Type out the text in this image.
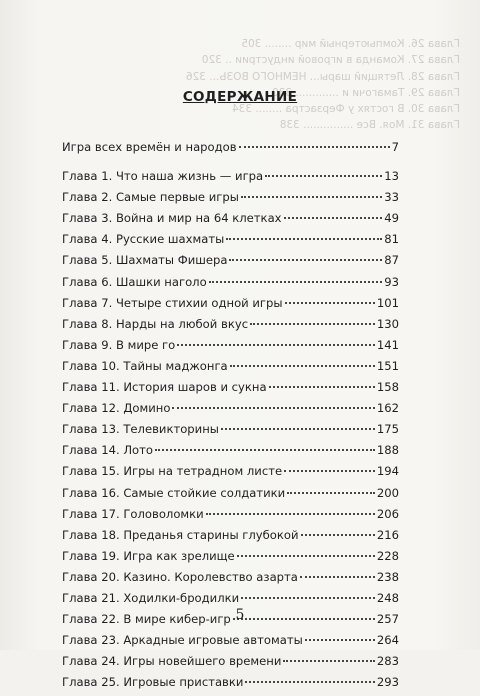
Глава 26. Компьютерный мир ........ 305
Глава 27. Команда в игровой индустрии .. 320
Глава 28. Летящий шары... НЕМНОГО ВОЗЬ... 326
Глава 29. Тамагочи и ............. 330
Глава 30. В гостях у Ферзастра ........ 334
Глава 31. Моя. Все ............... 338
СОДЕРЖАНИЕ
Игра всех времён и народов	7
Глава 1. Что наша жизнь — игра	13
Глава 2. Самые первые игры	33
Глава 3. Война и мир на 64 клетках	49
Глава 4. Русские шахматы	81
Глава 5. Шахматы Фишера	87
Глава 6. Шашки наголо	93
Глава 7. Четыре стихии одной игры	101
Глава 8. Нарды на любой вкус	130
Глава 9. В мире го	141
Глава 10. Тайны маджонга	151
Глава 11. История шаров и сукна	158
Глава 12. Домино	162
Глава 13. Телевикторины	175
Глава 14. Лото	188
Глава 15. Игры на тетрадном листе	194
Глава 16. Самые стойкие солдатики	200
Глава 17. Головоломки	206
Глава 18. Преданья старины глубокой	216
Глава 19. Игра как зрелище	228
Глава 20. Казино. Королевство азарта	238
Глава 21. Ходилки-бродилки	248
Глава 22. В мире кибер-игр	257
Глава 23. Аркадные игровые автоматы	264
Глава 24. Игры новейшего времени	283
Глава 25. Игровые приставки	293
5
